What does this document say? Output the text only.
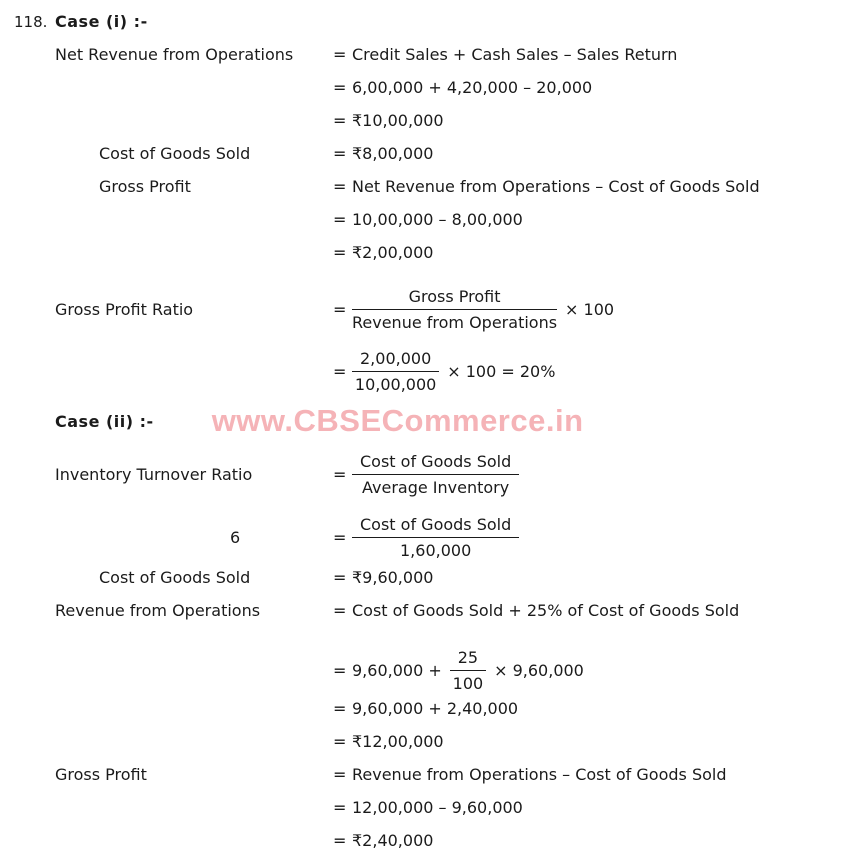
118. Case (i) :-
Net Revenue from Operations	= Credit Sales + Cash Sales – Sales Return
= 6,00,000 + 4,20,000 – 20,000
= ₹10,00,000
Cost of Goods Sold	= ₹8,00,000
Gross Profit	= Net Revenue from Operations – Cost of Goods Sold
= 10,00,000 – 8,00,000
= ₹2,00,000
Gross Profit Ratio	= $\frac{\text{Gross Profit}}{\text{Revenue from Operations}} \times 100$
= $\frac{2,00,000}{10,00,000} \times 100 = 20\%$
Case (ii) :- www.CBSECommerce.in
Inventory Turnover Ratio	= $\frac{\text{Cost of Goods Sold}}{\text{Average Inventory}}$
6	= $\frac{\text{Cost of Goods Sold}}{1,60,000}$
Cost of Goods Sold	= ₹9,60,000
Revenue from Operations	= Cost of Goods Sold + 25% of Cost of Goods Sold
= $9,60,000 + \frac{25}{100} \times 9,60,000$
= 9,60,000 + 2,40,000
= ₹12,00,000
Gross Profit	= Revenue from Operations – Cost of Goods Sold
= 12,00,000 – 9,60,000
= ₹2,40,000
